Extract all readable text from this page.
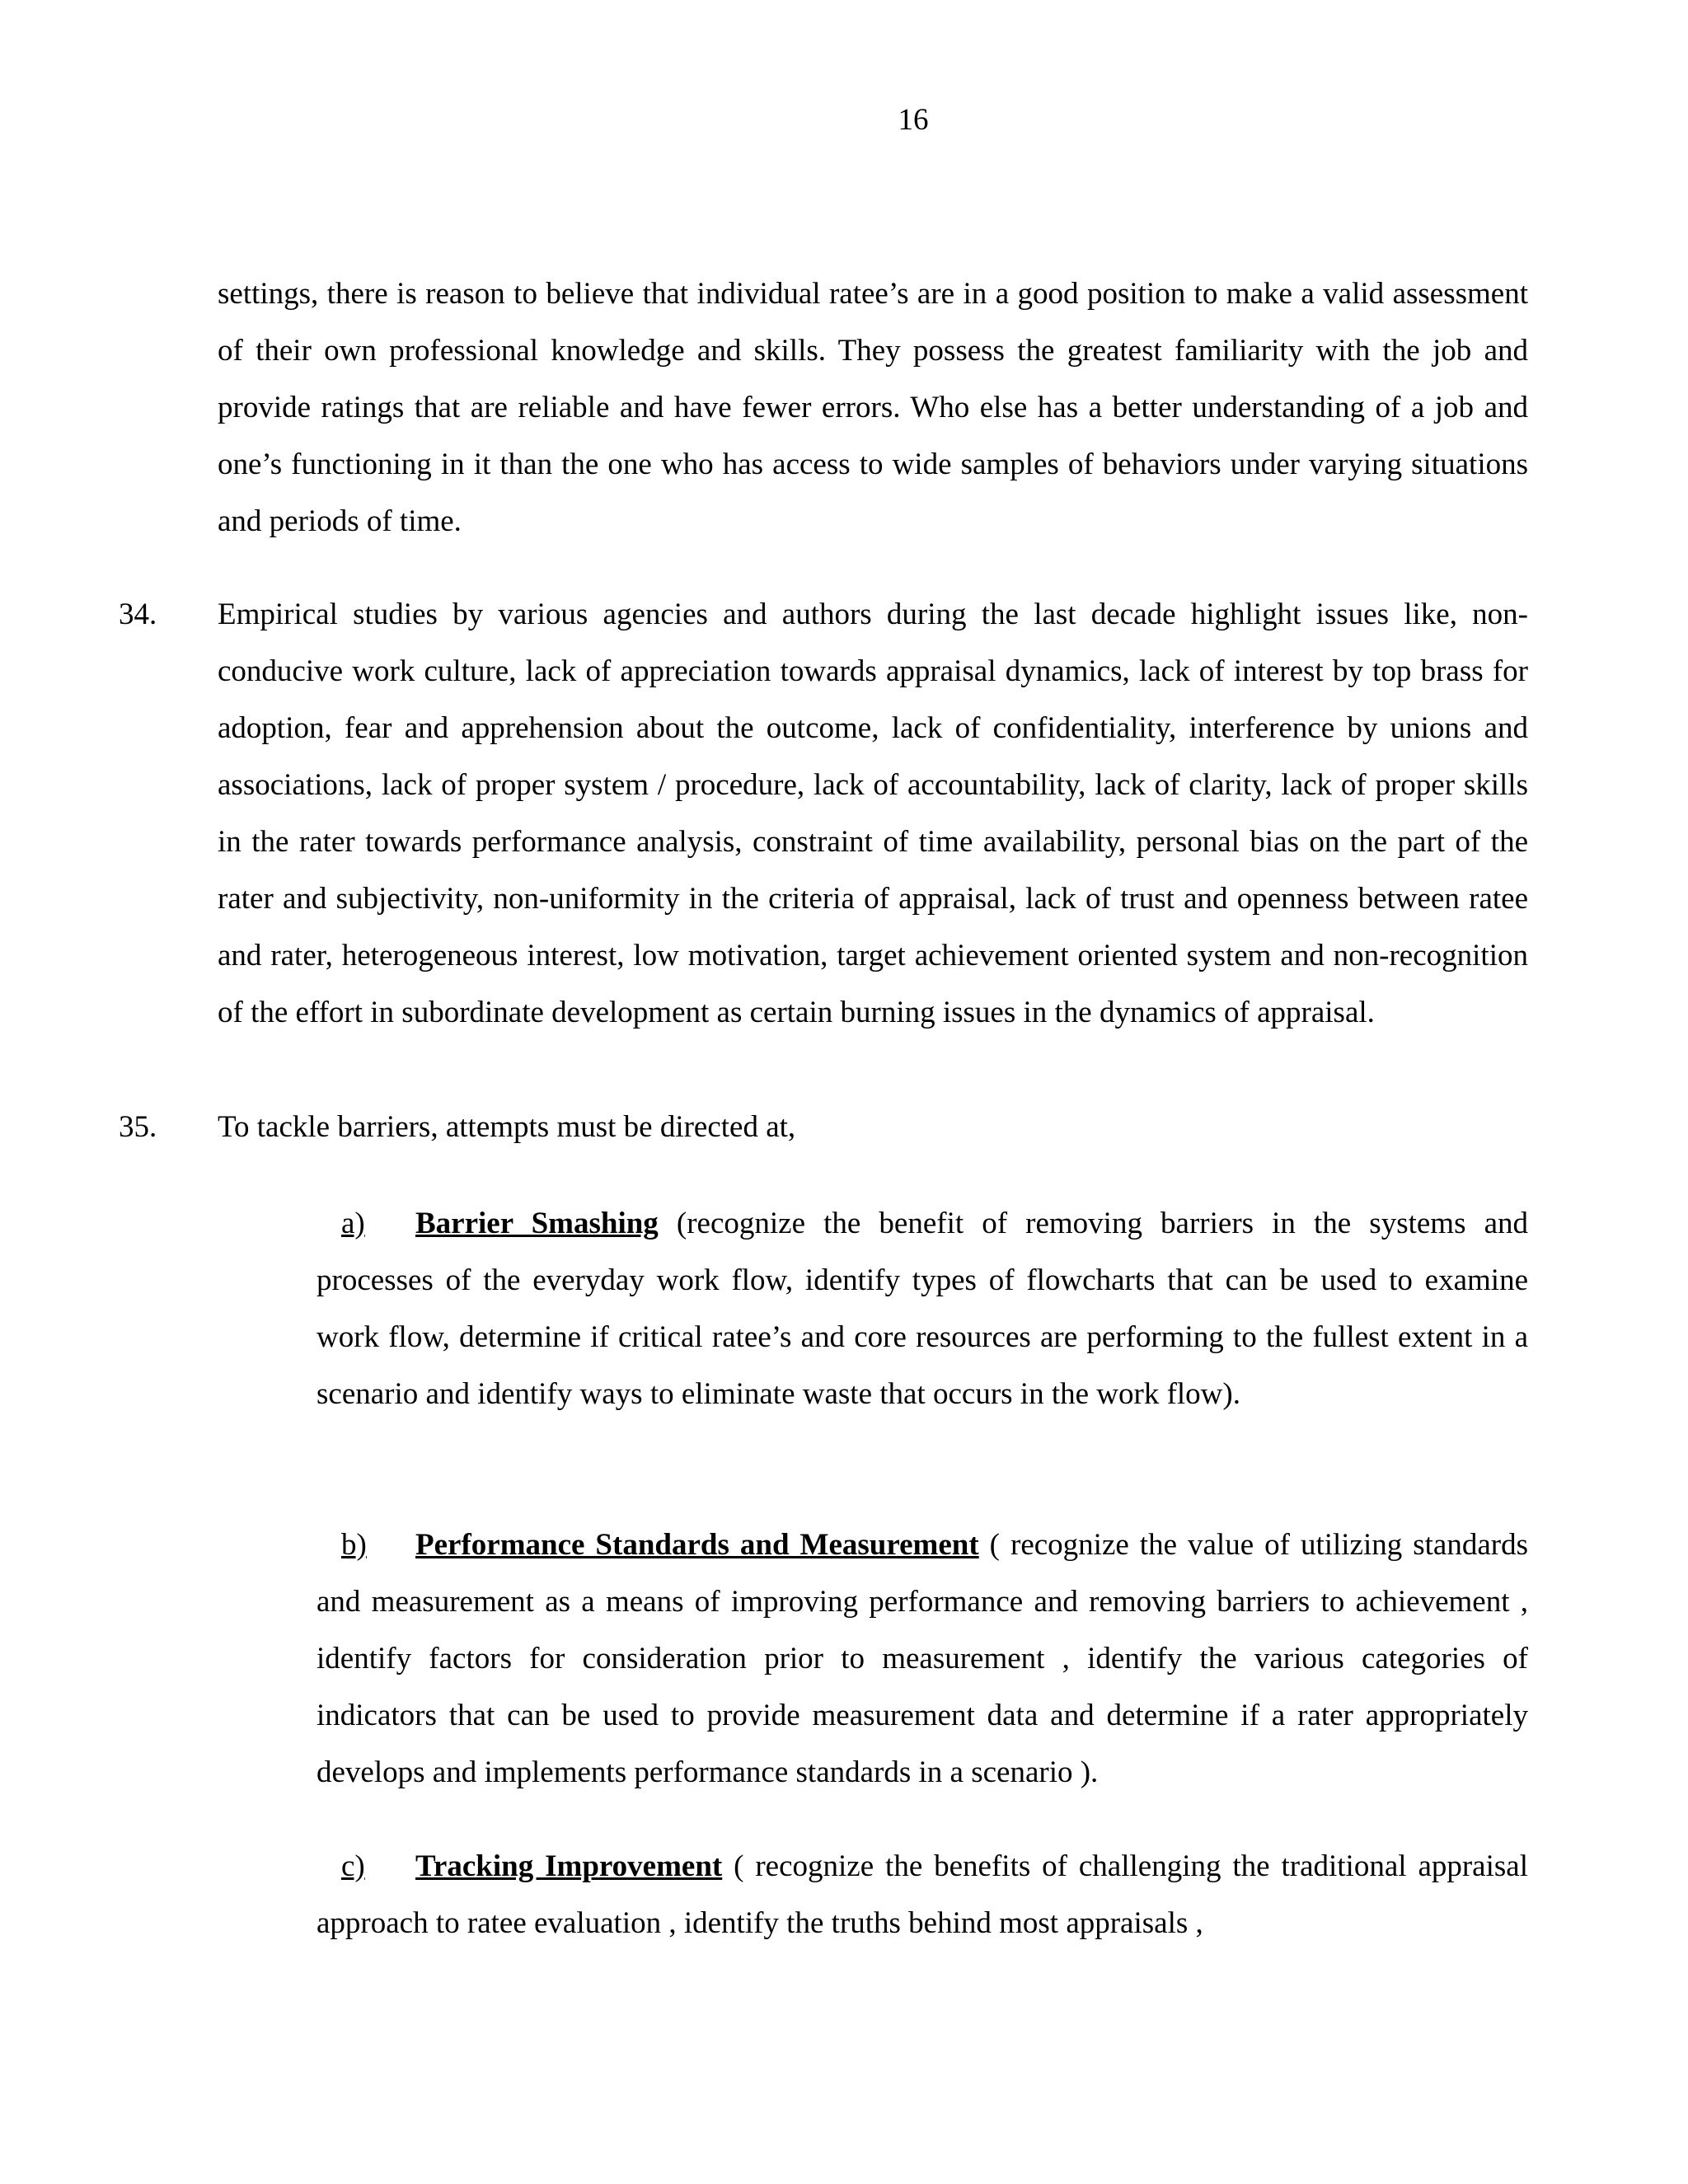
16

settings, there is reason to believe that individual ratee’s are in a good position to make a valid assessment of their own professional knowledge and skills. They possess the greatest familiarity with the job and provide ratings that are reliable and have fewer errors. Who else has a better understanding of a job and one’s functioning in it than the one who has access to wide samples of behaviors under varying situations and periods of time.

34. Empirical studies by various agencies and authors during the last decade highlight issues like, non-conducive work culture, lack of appreciation towards appraisal dynamics, lack of interest by top brass for adoption, fear and apprehension about the outcome, lack of confidentiality, interference by unions and associations, lack of proper system / procedure, lack of accountability, lack of clarity, lack of proper skills in the rater towards performance analysis, constraint of time availability, personal bias on the part of the rater and subjectivity, non-uniformity in the criteria of appraisal, lack of trust and openness between ratee and rater, heterogeneous interest, low motivation, target achievement oriented system and non-recognition of the effort in subordinate development as certain burning issues in the dynamics of appraisal.

35. To tackle barriers, attempts must be directed at,

a) Barrier Smashing (recognize the benefit of removing barriers in the systems and processes of the everyday work flow, identify types of flowcharts that can be used to examine work flow, determine if critical ratee’s and core resources are performing to the fullest extent in a scenario and identify ways to eliminate waste that occurs in the work flow).

b) Performance Standards and Measurement ( recognize the value of utilizing standards and measurement as a means of improving performance and removing barriers to achievement , identify factors for consideration prior to measurement , identify the various categories of indicators that can be used to provide measurement data and determine if a rater appropriately develops and implements performance standards in a scenario ).

c) Tracking Improvement ( recognize the benefits of challenging the traditional appraisal approach to ratee evaluation , identify the truths behind most appraisals ,
